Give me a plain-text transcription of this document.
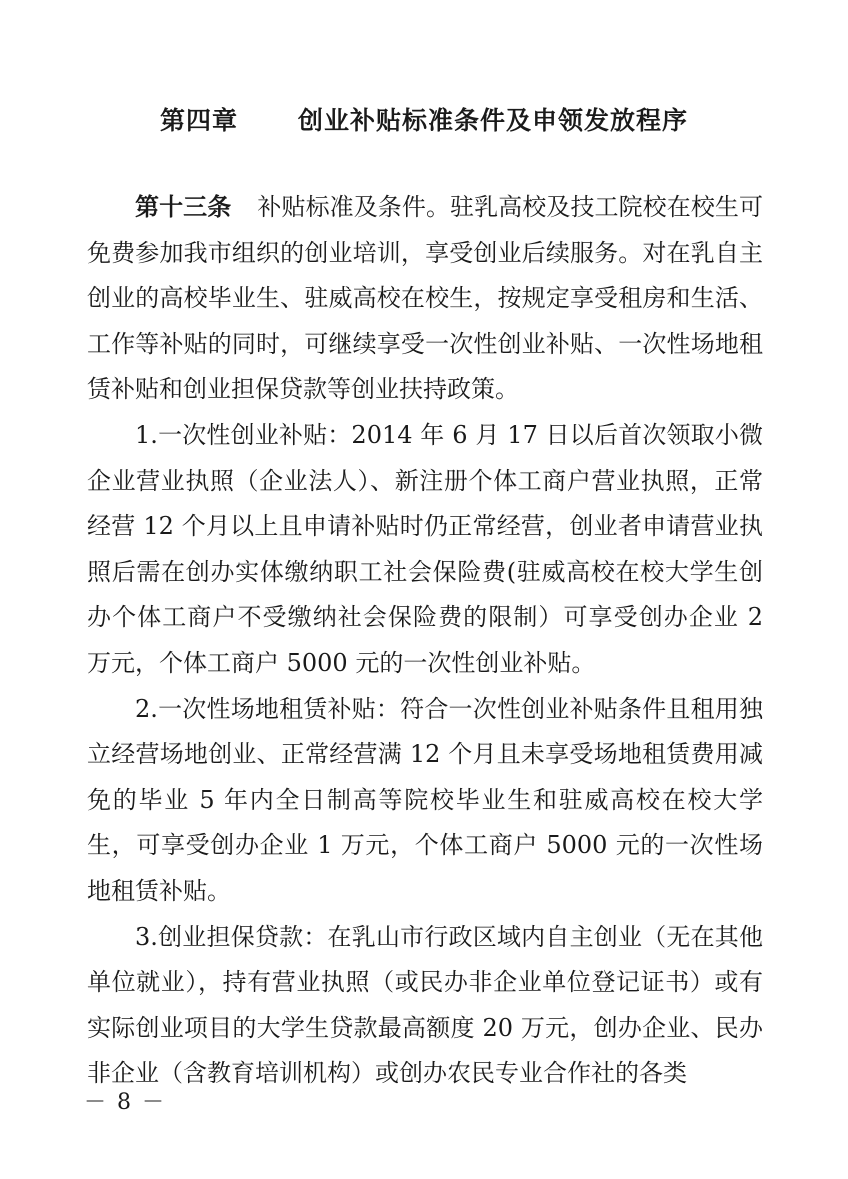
第四章 创业补贴标准条件及申领发放程序

第十三条 补贴标准及条件。驻乳高校及技工院校在校生可免费参加我市组织的创业培训，享受创业后续服务。对在乳自主创业的高校毕业生、驻威高校在校生，按规定享受租房和生活、工作等补贴的同时，可继续享受一次性创业补贴、一次性场地租赁补贴和创业担保贷款等创业扶持政策。

1.一次性创业补贴：2014 年 6 月 17 日以后首次领取小微企业营业执照（企业法人）、新注册个体工商户营业执照，正常经营 12 个月以上且申请补贴时仍正常经营，创业者申请营业执照后需在创办实体缴纳职工社会保险费(驻威高校在校大学生创办个体工商户不受缴纳社会保险费的限制）可享受创办企业 2 万元，个体工商户 5000 元的一次性创业补贴。

2.一次性场地租赁补贴：符合一次性创业补贴条件且租用独立经营场地创业、正常经营满 12 个月且未享受场地租赁费用减免的毕业 5 年内全日制高等院校毕业生和驻威高校在校大学生，可享受创办企业 1 万元，个体工商户 5000 元的一次性场地租赁补贴。

3.创业担保贷款：在乳山市行政区域内自主创业（无在其他单位就业），持有营业执照（或民办非企业单位登记证书）或有实际创业项目的大学生贷款最高额度 20 万元，创办企业、民办非企业（含教育培训机构）或创办农民专业合作社的各类

－ 8 －
